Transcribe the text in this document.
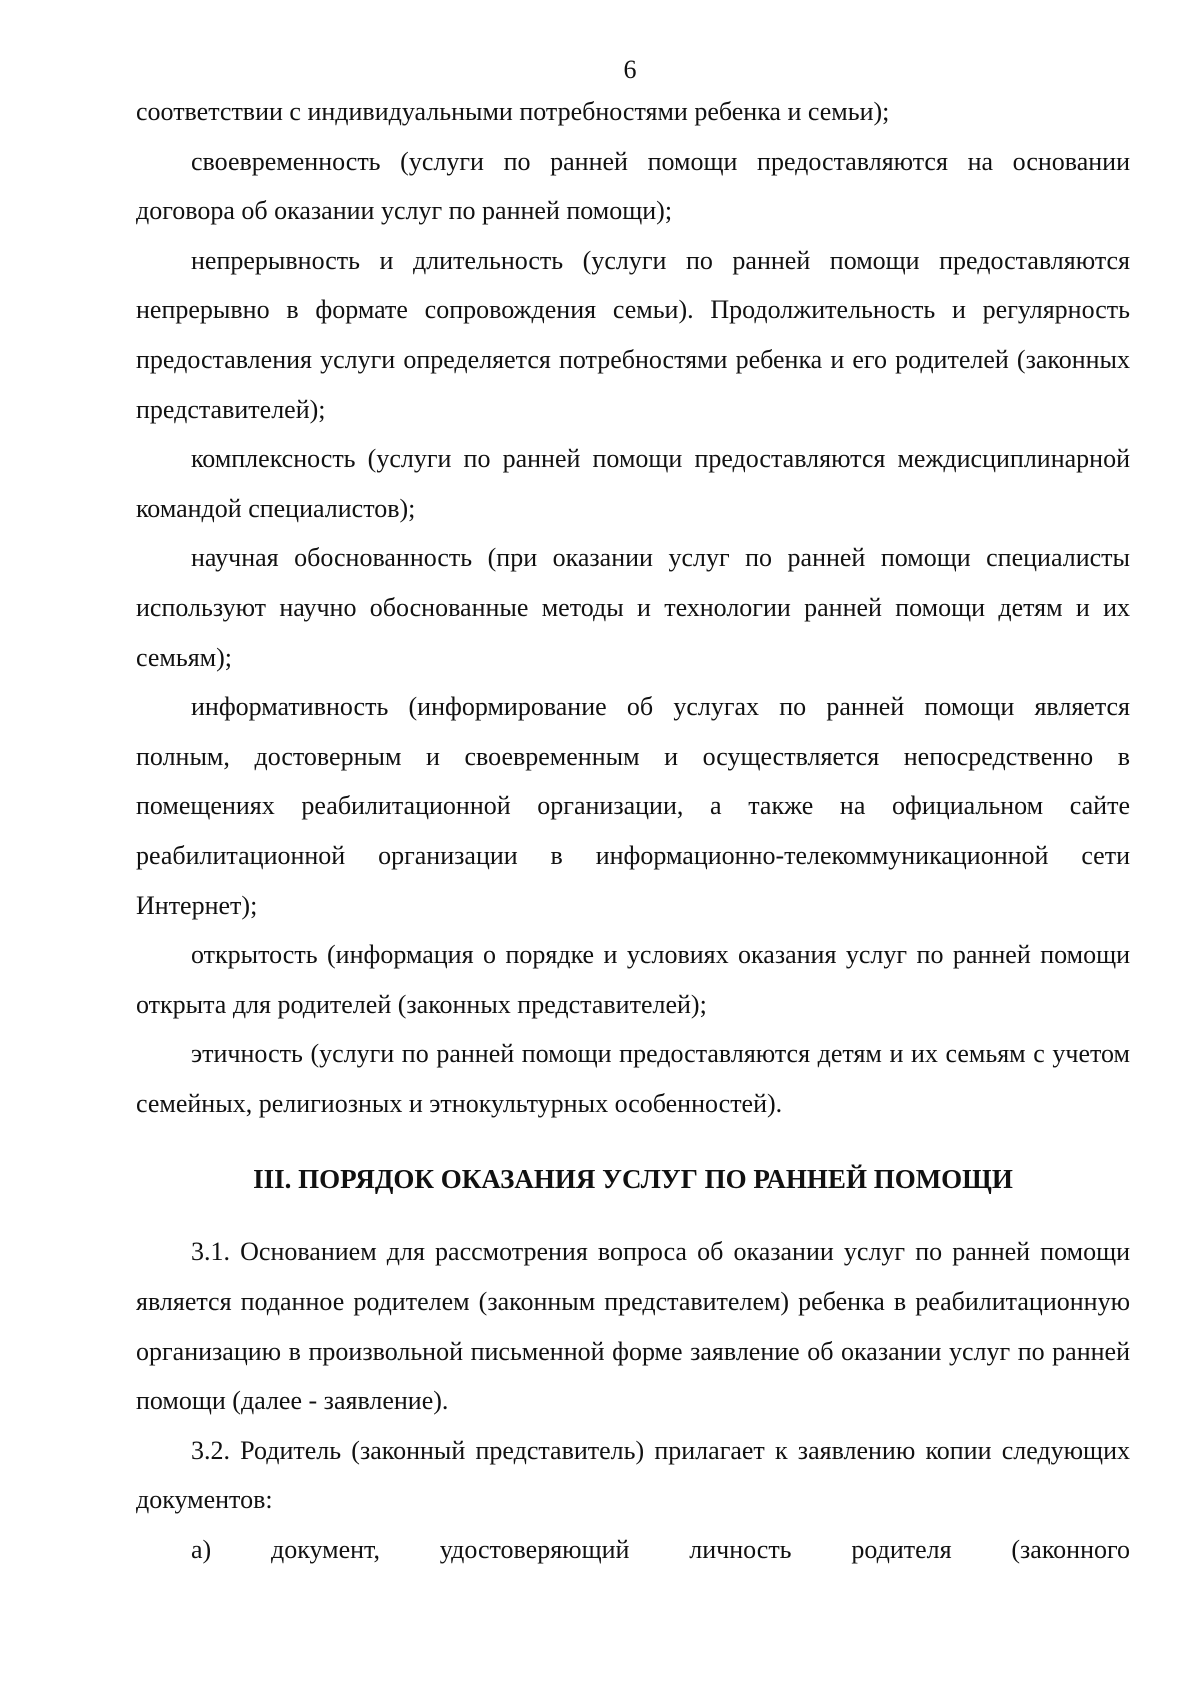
6

соответствии с индивидуальными потребностями ребенка и семьи);

своевременность (услуги по ранней помощи предоставляются на основании договора об оказании услуг по ранней помощи);

непрерывность и длительность (услуги по ранней помощи предоставляются непрерывно в формате сопровождения семьи). Продолжительность и регулярность предоставления услуги определяется потребностями ребенка и его родителей (законных представителей);

комплексность (услуги по ранней помощи предоставляются междисциплинарной командой специалистов);

научная обоснованность (при оказании услуг по ранней помощи специалисты используют научно обоснованные методы и технологии ранней помощи детям и их семьям);

информативность (информирование об услугах по ранней помощи является полным, достоверным и своевременным и осуществляется непосредственно в помещениях реабилитационной организации, а также на официальном сайте реабилитационной организации в информационно-телекоммуникационной сети Интернет);

открытость (информация о порядке и условиях оказания услуг по ранней помощи открыта для родителей (законных представителей);

этичность (услуги по ранней помощи предоставляются детям и их семьям с учетом семейных, религиозных и этнокультурных особенностей).

III. ПОРЯДОК ОКАЗАНИЯ УСЛУГ ПО РАННЕЙ ПОМОЩИ

3.1. Основанием для рассмотрения вопроса об оказании услуг по ранней помощи является поданное родителем (законным представителем) ребенка в реабилитационную организацию в произвольной письменной форме заявление об оказании услуг по ранней помощи (далее - заявление).

3.2. Родитель (законный представитель) прилагает к заявлению копии следующих документов:

а) документ, удостоверяющий личность родителя (законного
